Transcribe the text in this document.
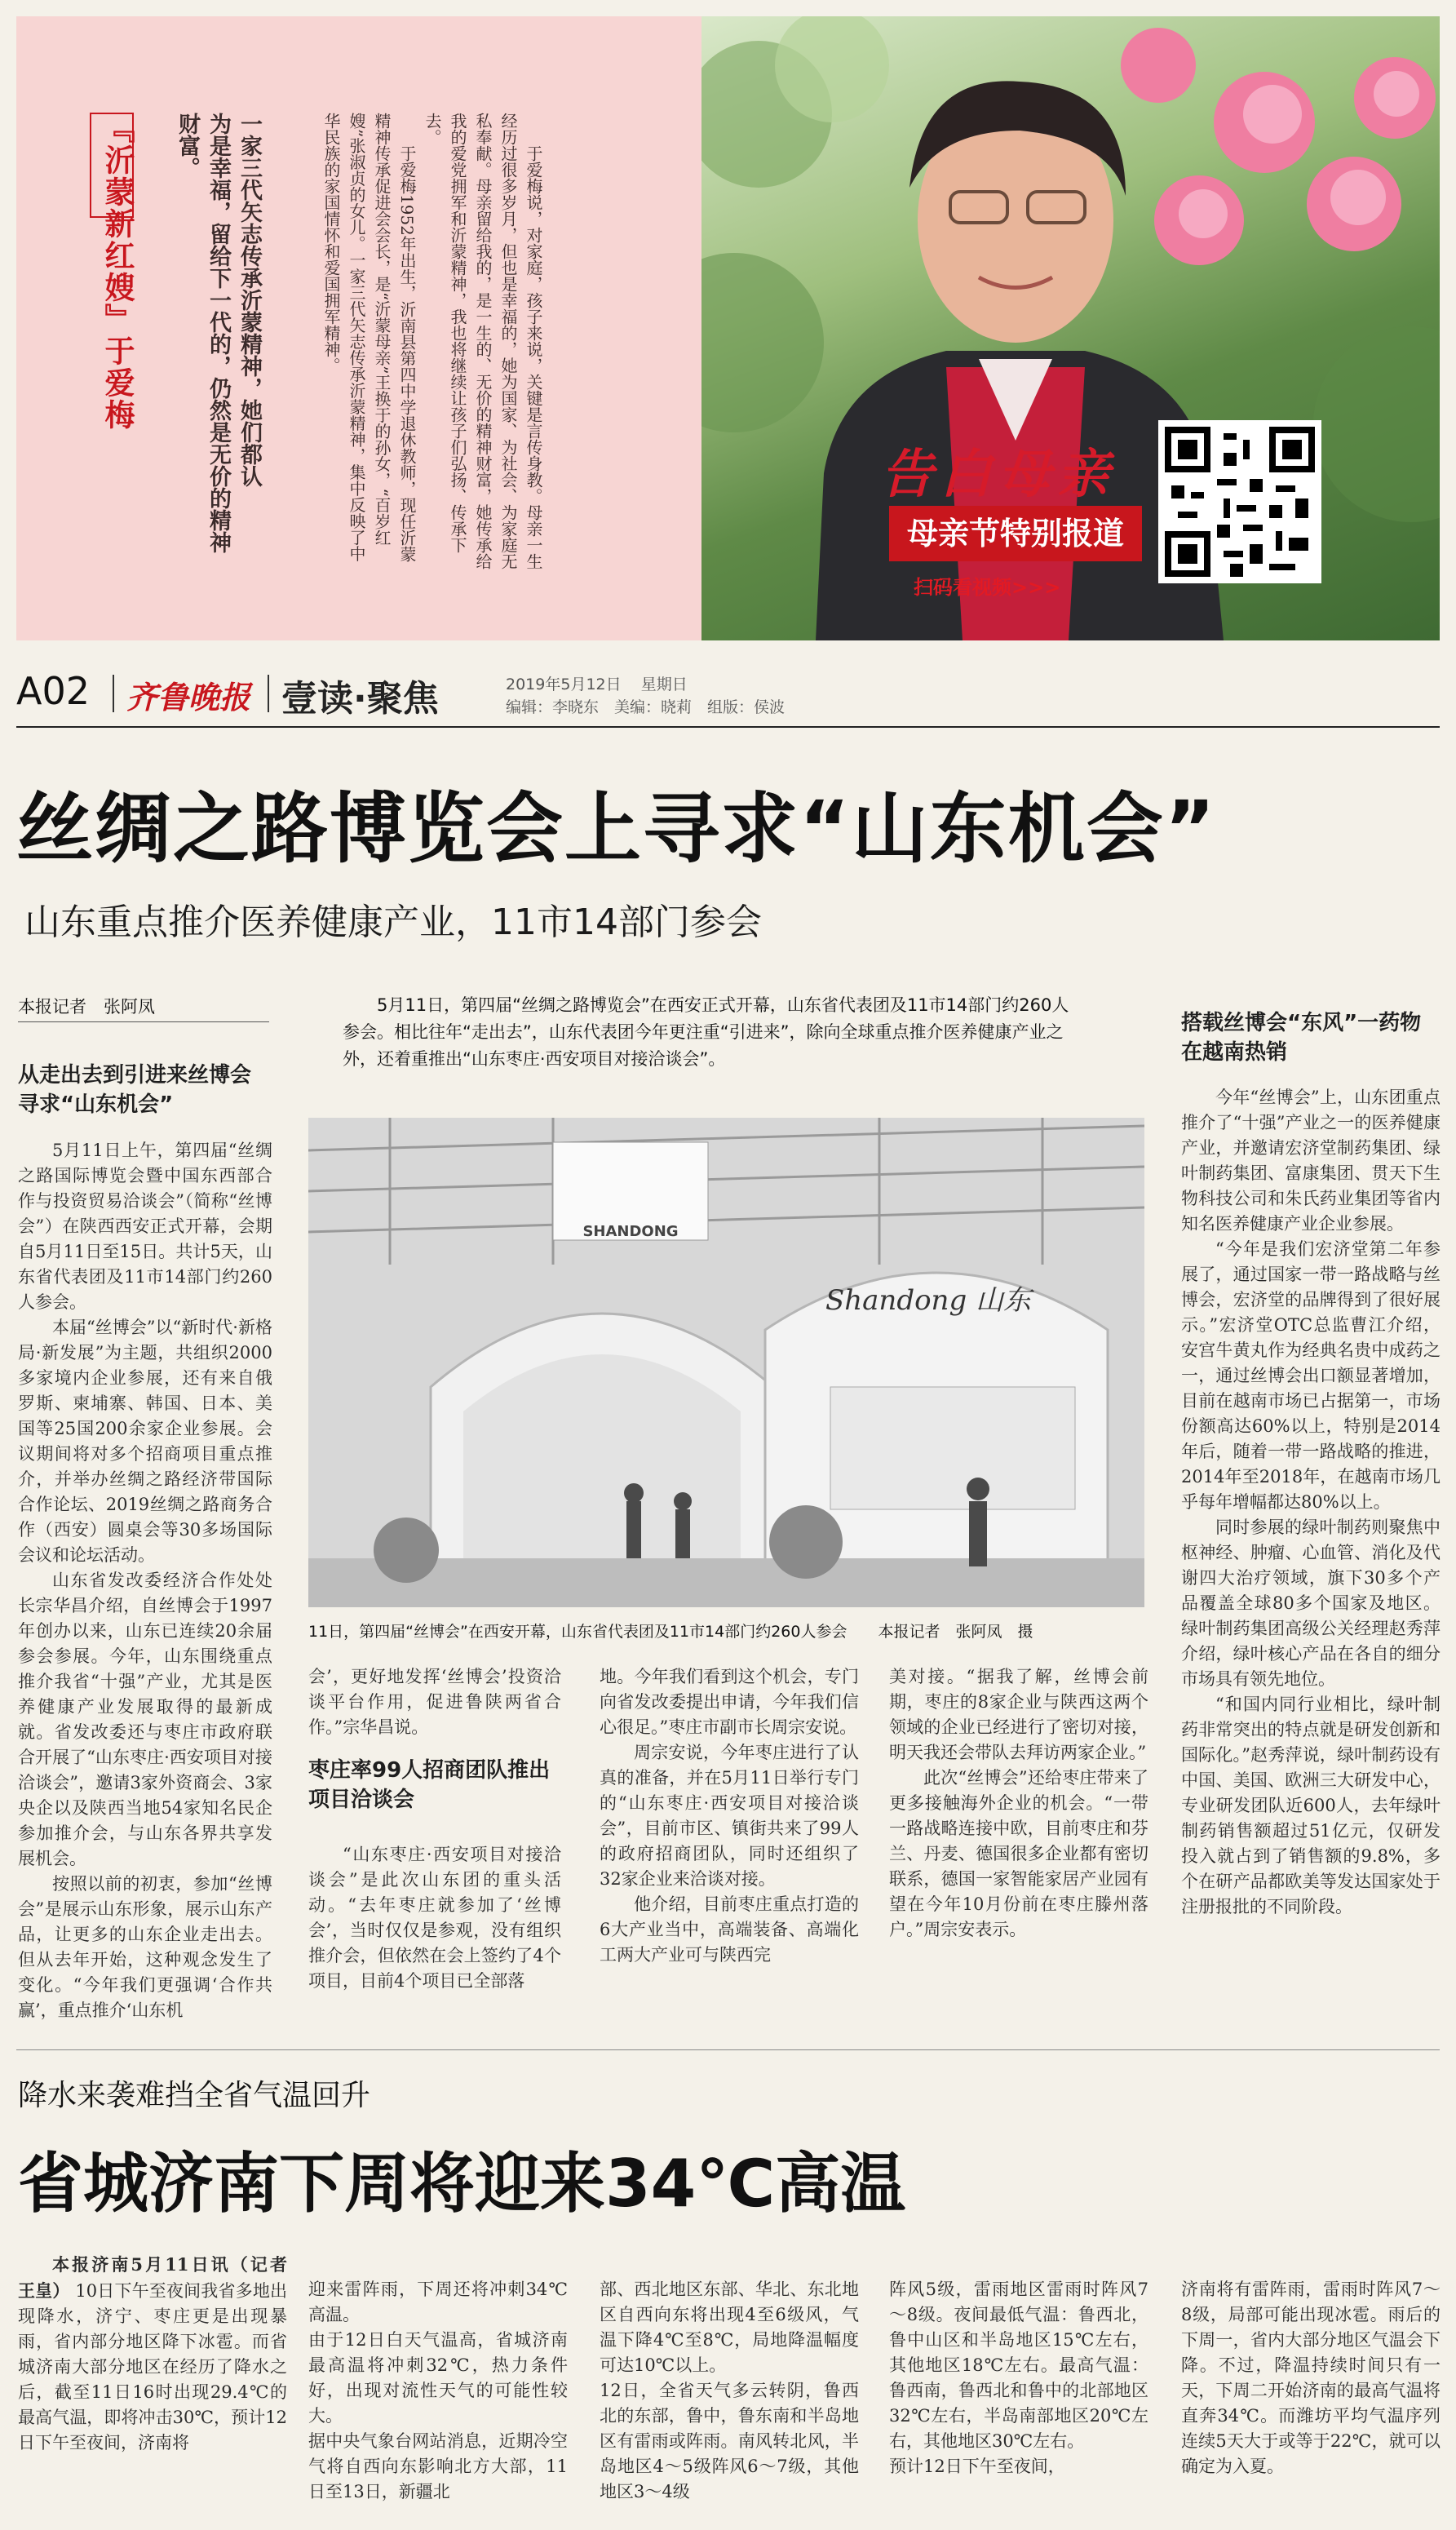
告白母亲
母亲节特别报道
扫码看视频>>>
『沂蒙新红嫂』于爱梅	一家三代矢志传承沂蒙精神，她们都认
为是幸福，留给下一代的，仍然是无价的精神财富。	于爱梅说，对家庭，孩子来说，关键是言传身教。母亲一生经历过很多岁月，但也是幸福的，她为国家、为社会、为家庭无私奉献。母亲留给我的，是一生的、无价的精神财富，她传承给我的爱党拥军和沂蒙精神，我也将继续让孩子们弘扬、传承下去。

于爱梅1952年出生，沂南县第四中学退休教师，现任沂蒙精神传承促进会会长，是“沂蒙母亲”王换于的孙女，“百岁红嫂”张淑贞的女儿。一家三代矢志传承沂蒙精神，集中反映了中华民族的家国情怀和爱国拥军精神。

A02 齐鲁晚报 壹读·聚焦	2019年5月12日 星期日
编辑：李晓东　美编：晓莉　组版：侯波
丝绸之路博览会上寻求“山东机会”
山东重点推介医养健康产业，11市14部门参会
本报记者　张阿凤	5月11日，第四届“丝绸之路博览会”在西安正式开幕，山东省代表团及11市14部门约260人参会。相比往年“走出去”，山东代表团今年更注重“引进来”，除向全球重点推介医养健康产业之外，还着重推出“山东枣庄·西安项目对接洽谈会”。

从走出去到引进来丝博会寻求“山东机会”

5月11日上午，第四届“丝绸之路国际博览会暨中国东西部合作与投资贸易洽谈会”（简称“丝博会”）在陕西西安正式开幕，会期自5月11日至15日。共计5天，山东省代表团及11市14部门约260人参会。

本届“丝博会”以“新时代·新格局·新发展”为主题，共组织2000多家境内企业参展，还有来自俄罗斯、柬埔寨、韩国、日本、美国等25国200余家企业参展。会议期间将对多个招商项目重点推介，并举办丝绸之路经济带国际合作论坛、2019丝绸之路商务合作（西安）圆桌会等30多场国际会议和论坛活动。

山东省发改委经济合作处处长宗华昌介绍，自丝博会于1997年创办以来，山东已连续20余届参会参展。今年，山东围绕重点推介我省“十强”产业，尤其是医养健康产业发展取得的最新成就。省发改委还与枣庄市政府联合开展了“山东枣庄·西安项目对接洽谈会”，邀请3家外资商会、3家央企以及陕西当地54家知名民企参加推介会，与山东各界共享发展机会。

按照以前的初衷，参加“丝博会”是展示山东形象，展示山东产品，让更多的山东企业走出去。但从去年开始，这种观念发生了变化。“今年我们更强调‘合作共赢’，重点推介‘山东机

SHANDONG
Shandong 山东
11日，第四届“丝博会”在西安开幕，山东省代表团及11市14部门约260人参会　　本报记者　张阿凤　摄

会’，更好地发挥‘丝博会’投资洽谈平台作用，促进鲁陕两省合作。”宗华昌说。

枣庄率99人招商团队推出项目洽谈会

“山东枣庄·西安项目对接洽谈会”是此次山东团的重头活动。“去年枣庄就参加了‘丝博会’，当时仅仅是参观，没有组织推介会，但依然在会上签约了4个项目，目前4个项目已全部落

地。今年我们看到这个机会，专门向省发改委提出申请，今年我们信心很足。”枣庄市副市长周宗安说。

周宗安说，今年枣庄进行了认真的准备，并在5月11日举行专门的“山东枣庄·西安项目对接洽谈会”，目前市区、镇街共来了99人的政府招商团队，同时还组织了32家企业来洽谈对接。

他介绍，目前枣庄重点打造的6大产业当中，高端装备、高端化工两大产业可与陕西完

美对接。“据我了解，丝博会前期，枣庄的8家企业与陕西这两个领域的企业已经进行了密切对接，明天我还会带队去拜访两家企业。”

此次“丝博会”还给枣庄带来了更多接触海外企业的机会。“一带一路战略连接中欧，目前枣庄和芬兰、丹麦、德国很多企业都有密切联系，德国一家智能家居产业园有望在今年10月份前在枣庄滕州落户。”周宗安表示。

搭载丝博会“东风”一药物在越南热销

今年“丝博会”上，山东团重点推介了“十强”产业之一的医养健康产业，并邀请宏济堂制药集团、绿叶制药集团、富康集团、贯天下生物科技公司和朱氏药业集团等省内知名医养健康产业企业参展。

“今年是我们宏济堂第二年参展了，通过国家一带一路战略与丝博会，宏济堂的品牌得到了很好展示。”宏济堂OTC总监曹江介绍，安宫牛黄丸作为经典名贵中成药之一，通过丝博会出口额显著增加，目前在越南市场已占据第一，市场份额高达60%以上，特别是2014年后，随着一带一路战略的推进，2014年至2018年，在越南市场几乎每年增幅都达80%以上。

同时参展的绿叶制药则聚焦中枢神经、肿瘤、心血管、消化及代谢四大治疗领域，旗下30多个产品覆盖全球80多个国家及地区。绿叶制药集团高级公关经理赵秀萍介绍，绿叶核心产品在各自的细分市场具有领先地位。

“和国内同行业相比，绿叶制药非常突出的特点就是研发创新和国际化。”赵秀萍说，绿叶制药设有中国、美国、欧洲三大研发中心，专业研发团队近600人，去年绿叶制药销售额超过51亿元，仅研发投入就占到了销售额的9.8%，多个在研产品都欧美等发达国家处于注册报批的不同阶段。

降水来袭难挡全省气温回升
省城济南下周将迎来34℃高温

本报济南5月11日讯（记者　王皇） 10日下午至夜间我省多地出现降水，济宁、枣庄更是出现暴雨，省内部分地区降下冰雹。而省城济南大部分地区在经历了降水之后，截至11日16时出现29.4℃的最高气温，即将冲击30℃，预计12日下午至夜间，济南将

迎来雷阵雨，下周还将冲刺34℃高温。
由于12日白天气温高，省城济南最高温将冲刺32℃，热力条件好，出现对流性天气的可能性较大。
据中央气象台网站消息，近期冷空气将自西向东影响北方大部，11日至13日，新疆北

部、西北地区东部、华北、东北地区自西向东将出现4至6级风，气温下降4℃至8℃，局地降温幅度可达10℃以上。
12日，全省天气多云转阴，鲁西北的东部，鲁中，鲁东南和半岛地区有雷雨或阵雨。南风转北风，半岛地区4～5级阵风6～7级，其他地区3～4级

阵风5级，雷雨地区雷雨时阵风7～8级。夜间最低气温：鲁西北，鲁中山区和半岛地区15℃左右，其他地区18℃左右。最高气温：鲁西南，鲁西北和鲁中的北部地区32℃左右，半岛南部地区20℃左右，其他地区30℃左右。
预计12日下午至夜间，

济南将有雷阵雨，雷雨时阵风7～8级，局部可能出现冰雹。雨后的下周一，省内大部分地区气温会下降。不过，降温持续时间只有一天，下周二开始济南的最高气温将直奔34℃。而潍坊平均气温序列连续5天大于或等于22℃，就可以确定为入夏。
